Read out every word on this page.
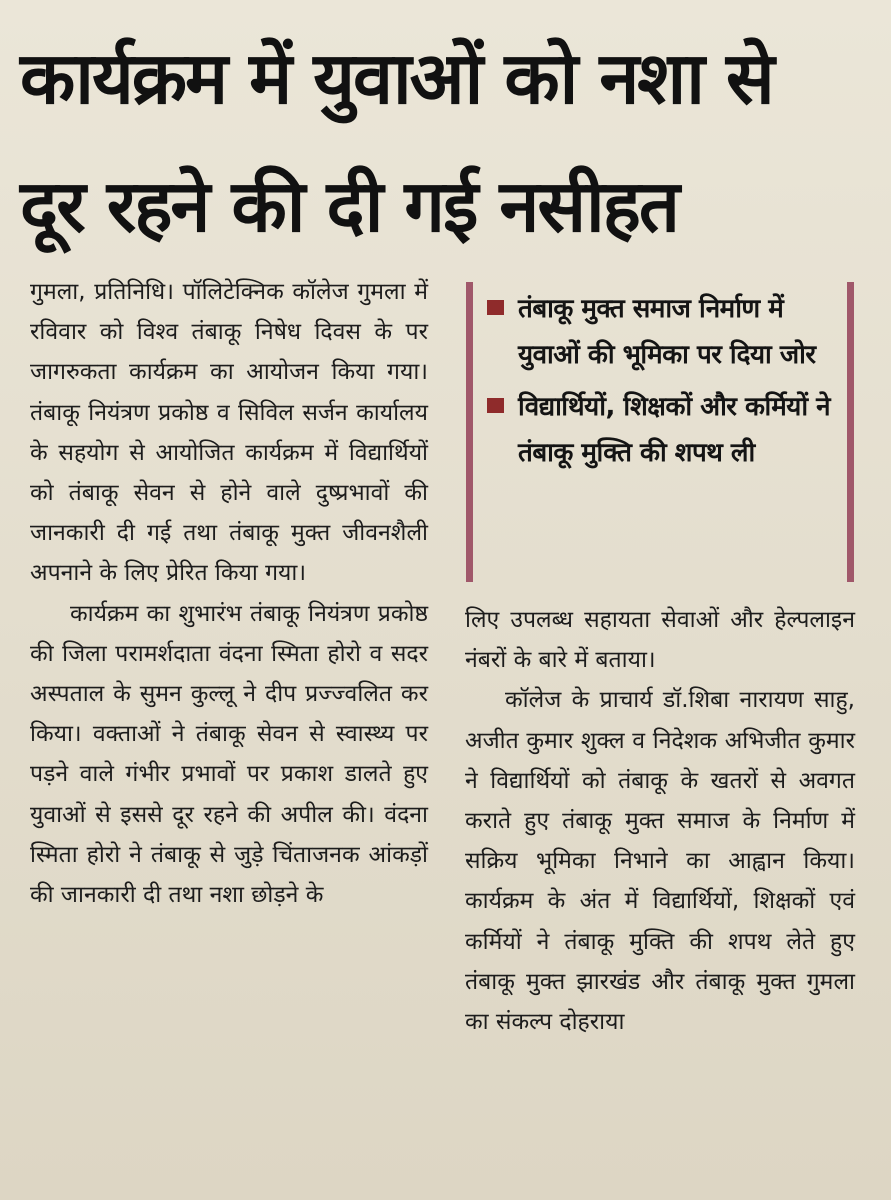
कार्यक्रम में युवाओं को नशा से
दूर रहने की दी गई नसीहत

गुमला, प्रतिनिधि। पॉलिटेक्निक कॉलेज गुमला में रविवार को विश्व तंबाकू निषेध दिवस के पर जागरुकता कार्यक्रम का आयोजन किया गया। तंबाकू नियंत्रण प्रकोष्ठ व सिविल सर्जन कार्यालय के सहयोग से आयोजित कार्यक्रम में विद्यार्थियों को तंबाकू सेवन से होने वाले दुष्प्रभावों की जानकारी दी गई तथा तंबाकू मुक्त जीवनशैली अपनाने के लिए प्रेरित किया गया।

कार्यक्रम का शुभारंभ तंबाकू नियंत्रण प्रकोष्ठ की जिला परामर्शदाता वंदना स्मिता होरो व सदर अस्पताल के सुमन कुल्लू ने दीप प्रज्ज्वलित कर किया। वक्ताओं ने तंबाकू सेवन से स्वास्थ्य पर पड़ने वाले गंभीर प्रभावों पर प्रकाश डालते हुए युवाओं से इससे दूर रहने की अपील की। वंदना स्मिता होरो ने तंबाकू से जुड़े चिंताजनक आंकड़ों की जानकारी दी तथा नशा छोड़ने के

तंबाकू मुक्त समाज निर्माण में युवाओं की भूमिका पर दिया जोर
विद्यार्थियों, शिक्षकों और कर्मियों ने तंबाकू मुक्ति की शपथ ली

लिए उपलब्ध सहायता सेवाओं और हेल्पलाइन नंबरों के बारे में बताया।

कॉलेज के प्राचार्य डॉ.शिबा नारायण साहु, अजीत कुमार शुक्ल व निदेशक अभिजीत कुमार ने विद्यार्थियों को तंबाकू के खतरों से अवगत कराते हुए तंबाकू मुक्त समाज के निर्माण में सक्रिय भूमिका निभाने का आह्वान किया। कार्यक्रम के अंत में विद्यार्थियों, शिक्षकों एवं कर्मियों ने तंबाकू मुक्ति की शपथ लेते हुए तंबाकू मुक्त झारखंड और तंबाकू मुक्त गुमला का संकल्प दोहराया
